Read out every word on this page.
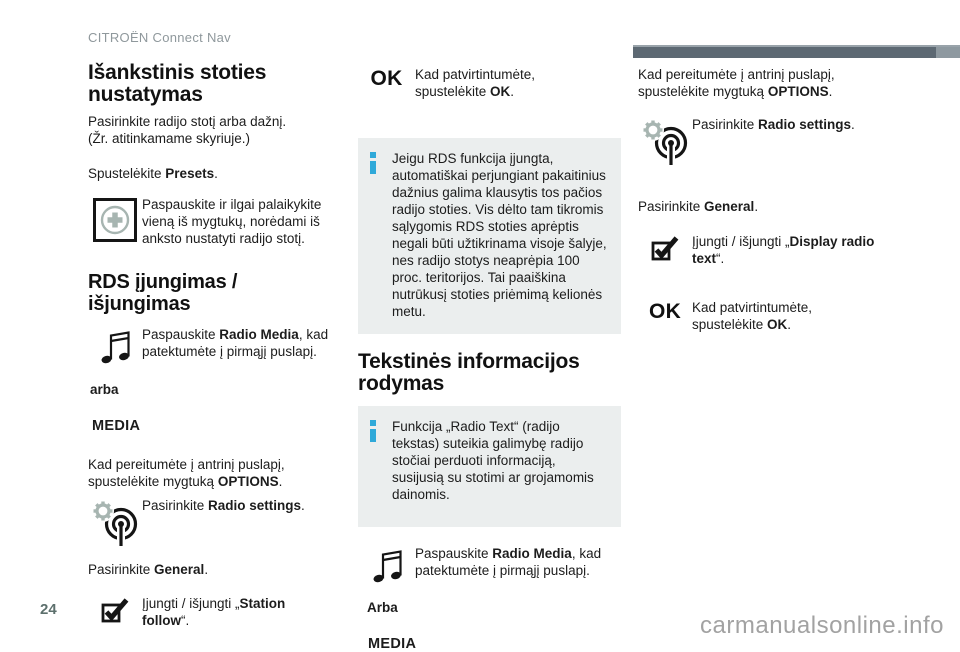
CITROËN Connect Nav
Išankstinis stoties nustatymas
Pasirinkite radijo stotį arba dažnį.
(Žr. atitinkamame skyriuje.)

Spustelėkite Presets.

Paspauskite ir ilgai palaikykite vieną iš mygtukų, norėdami iš anksto nustatyti radijo stotį.
RDS įjungimas / išjungimas

Paspauskite Radio Media, kad patektumėte į pirmąjį puslapį.

arba
MEDIA

Kad pereitumėte į antrinį puslapį, spustelėkite mygtuką OPTIONS.

Pasirinkite Radio settings.

Pasirinkite General.

Įjungti / išjungti „Station follow“.

OK Kad patvirtintumėte, spustelėkite OK.

Jeigu RDS funkcija įjungta, automatiškai perjungiant pakaitinius dažnius galima klausytis tos pačios radijo stoties. Vis dėlto tam tikromis sąlygomis RDS stoties aprėptis negali būti užtikrinama visoje šalyje, nes radijo stotys neaprėpia 100 proc. teritorijos. Tai paaiškina nutrūkusį stoties priėmimą kelionės metu.

Tekstinės informacijos rodymas

Funkcija „Radio Text“ (radijo tekstas) suteikia galimybę radijo stočiai perduoti informaciją, susijusią su stotimi ar grojamomis dainomis.

Paspauskite Radio Media, kad patektumėte į pirmąjį puslapį.

Arba
MEDIA

Kad pereitumėte į antrinį puslapį, spustelėkite mygtuką OPTIONS.

Pasirinkite Radio settings.

Pasirinkite General.

Įjungti / išjungti „Display radio text“.

OK Kad patvirtintumėte, spustelėkite OK.

24
carmanualsonline.info
